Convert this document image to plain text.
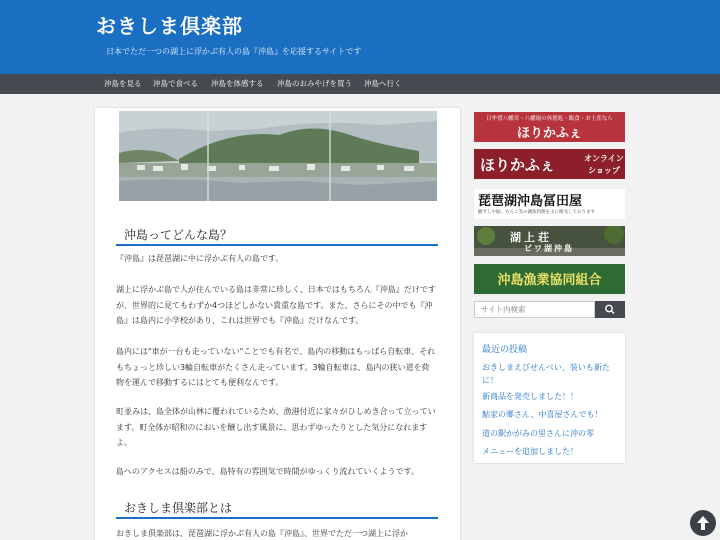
おきしま倶楽部
日本でただ一つの湖上に浮かぶ有人の島『沖島』を応援するサイトです
沖島を見る 沖島で食べる 沖島を体感する 沖島のおみやげを買う 沖島へ行く
沖島ってどんな島？

『沖島』は琵琶湖に中に浮かぶ有人の島です。

湖上に浮かぶ島で人が住んでいる島は非常に珍しく、日本ではもちろん『沖島』だけですが、世界的に見てもわずか4つほどしかない貴重な島です。また、さらにその中でも『沖島』は島内に小学校があり、これは世界でも『沖島』だけなんです。

島内には"車が一台も走っていない"ことでも有名で、島内の移動はもっぱら自転車、それもちょっと珍しい3輪自転車がたくさん走っています。3輪自転車は、島内の狭い道を荷物を運んで移動するにはとても便利なんです。

町並みは、島全体が山林に覆われているため、漁港付近に家々がひしめき合って立っています。町全体が昭和のにおいを醸し出す風景に、思わずゆったりとした気分になれますよ。

島へのアクセスは船のみで、島特有の雰囲気で時間がゆっくり流れていくようです。

おきしま倶楽部とは

おきしま倶楽部は、琵琶湖に浮かぶ有人の島『沖島』、世界でただ一つ湖上に浮か

日牟禮八幡宮・八幡堀の休憩処・飯食・お土産なら
ほりかふぇ
ほりかふぇ	オンライン
ショップ
琵琶湖沖島冨田屋
鮒ずしや鮎、もろこ等の湖魚料理を主に販売しております
湖上荘
ビワ湖沖島
沖島漁業協同組合
サイト内検索
最近の投稿
おきしまえびせんべい、装いも新たに！
新商品を発売しました！！
鮎家の郷さん、中喜屋さんでも！
道の駅かがみの里さんに沖の零
メニューを追加しました！
